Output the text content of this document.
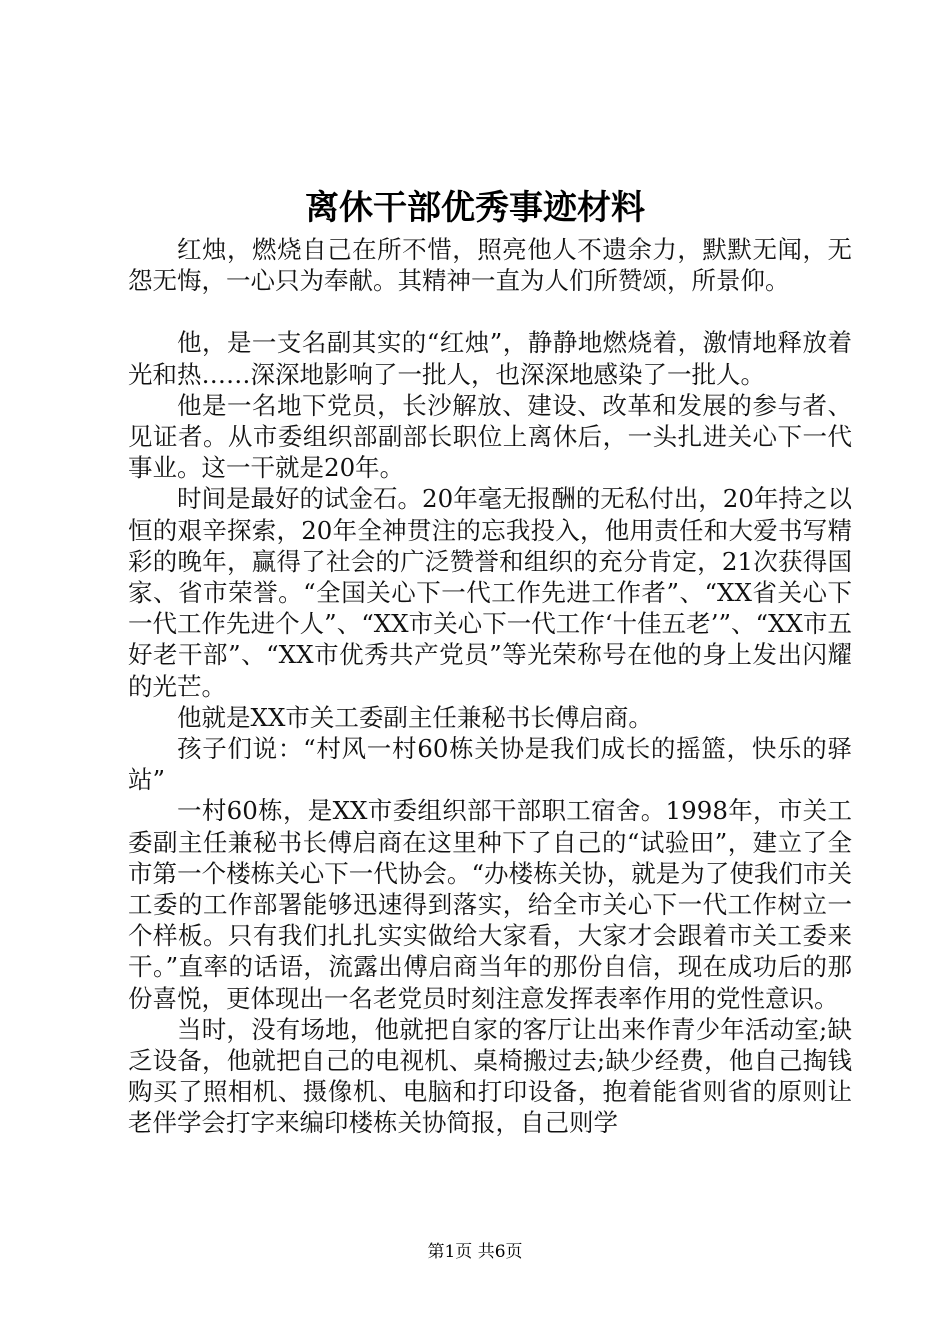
离休干部优秀事迹材料

红烛，燃烧自己在所不惜，照亮他人不遗余力，默默无闻，无怨无悔，一心只为奉献。其精神一直为人们所赞颂，所景仰。

他，是一支名副其实的“红烛”，静静地燃烧着，激情地释放着光和热……深深地影响了一批人，也深深地感染了一批人。

他是一名地下党员，长沙解放、建设、改革和发展的参与者、见证者。从市委组织部副部长职位上离休后，一头扎进关心下一代事业。这一干就是20年。

时间是最好的试金石。20年毫无报酬的无私付出，20年持之以恒的艰辛探索，20年全神贯注的忘我投入，他用责任和大爱书写精彩的晚年，赢得了社会的广泛赞誉和组织的充分肯定，21次获得国家、省市荣誉。“全国关心下一代工作先进工作者”、“XX省关心下一代工作先进个人”、“XX市关心下一代工作‘十佳五老’”、“XX市五好老干部”、“XX市优秀共产党员”等光荣称号在他的身上发出闪耀的光芒。

他就是XX市关工委副主任兼秘书长傅启商。

孩子们说：“村风一村60栋关协是我们成长的摇篮，快乐的驿站”

一村60栋，是XX市委组织部干部职工宿舍。1998年，市关工委副主任兼秘书长傅启商在这里种下了自己的“试验田”，建立了全市第一个楼栋关心下一代协会。“办楼栋关协，就是为了使我们市关工委的工作部署能够迅速得到落实，给全市关心下一代工作树立一个样板。只有我们扎扎实实做给大家看，大家才会跟着市关工委来干。”直率的话语，流露出傅启商当年的那份自信，现在成功后的那份喜悦，更体现出一名老党员时刻注意发挥表率作用的党性意识。

当时，没有场地，他就把自家的客厅让出来作青少年活动室;缺乏设备，他就把自己的电视机、桌椅搬过去;缺少经费，他自己掏钱购买了照相机、摄像机、电脑和打印设备，抱着能省则省的原则让老伴学会打字来编印楼栋关协简报，自己则学

第1页 共6页
